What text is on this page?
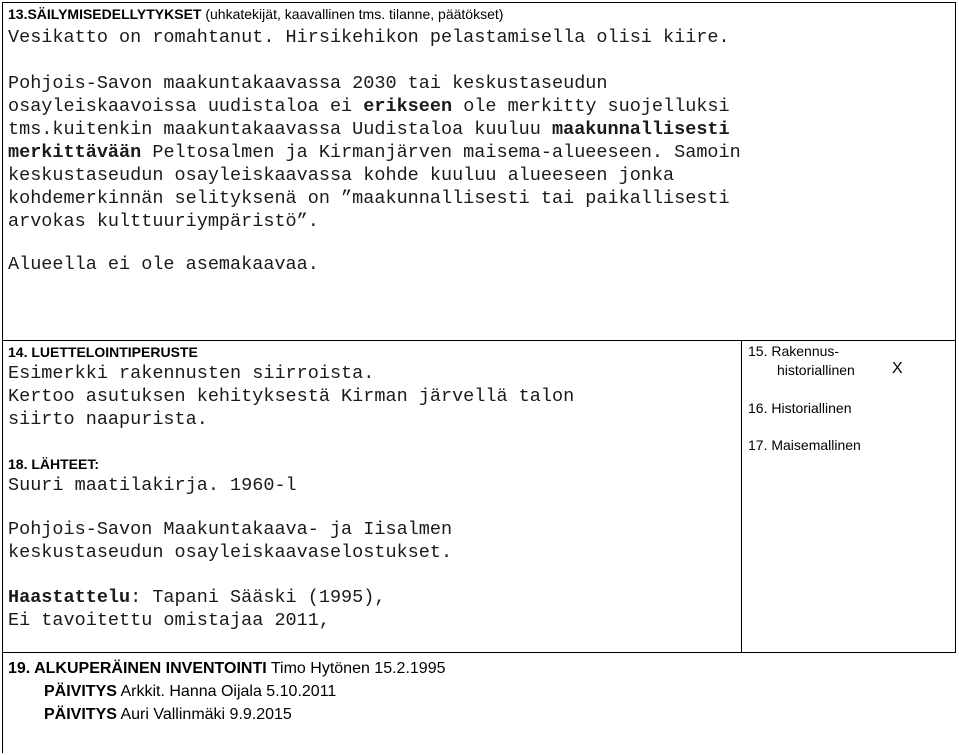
13.SÄILYMISEDELLYTYKSET (uhkatekijät, kaavallinen tms. tilanne, päätökset)
Vesikatto on romahtanut. Hirsikehikon pelastamisella olisi kiire.
Pohjois-Savon maakuntakaavassa 2030 tai keskustaseudun
osayleiskaavoissa uudistaloa ei erikseen ole merkitty suojelluksi
tms.kuitenkin maakuntakaavassa Uudistaloa kuuluu maakunnallisesti
merkittävään Peltosalmen ja Kirmanjärven maisema-alueeseen. Samoin
keskustaseudun osayleiskaavassa kohde kuuluu alueeseen jonka
kohdemerkinnän selityksenä on ”maakunnallisesti tai paikallisesti
arvokas kulttuuriympäristö”.
Alueella ei ole asemakaavaa.
14. LUETTELOINTIPERUSTE
Esimerkki rakennusten siirroista.
Kertoo asutuksen kehityksestä Kirman järvellä talon
siirto naapurista.
15. Rakennus-
historiallinen X
16. Historiallinen
17. Maisemallinen
18. LÄHTEET:
Suuri maatilakirja. 1960-l
Pohjois-Savon Maakuntakaava- ja Iisalmen
keskustaseudun osayleiskaavaselostukset.
Haastattelu: Tapani Sääski (1995),
Ei tavoitettu omistajaa 2011,
19. ALKUPERÄINEN INVENTOINTI Timo Hytönen 15.2.1995
PÄIVITYS Arkkit. Hanna Oijala 5.10.2011
PÄIVITYS Auri Vallinmäki 9.9.2015
